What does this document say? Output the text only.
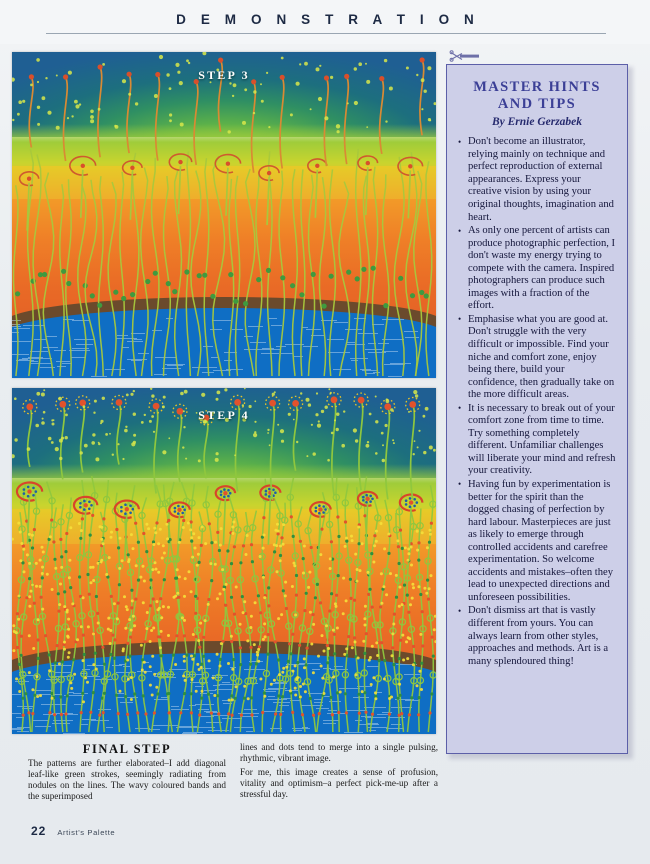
D E M O N S T R A T I O N
STEP 3
STEP 4
MASTER HINTS
AND TIPS
By Ernie Gerzabek
• Don't become an illustrator, relying mainly on technique and perfect reproduction of external appearances. Express your creative vision by using your original thoughts, imagination and heart.
• As only one percent of artists can produce photographic perfection, I don't waste my energy trying to compete with the camera. Inspired photographers can produce such images with a fraction of the effort.
• Emphasise what you are good at. Don't struggle with the very difficult or impossible. Find your niche and comfort zone, enjoy being there, build your confidence, then gradually take on the more difficult areas.
• It is necessary to break out of your comfort zone from time to time. Try something completely different. Unfamiliar challenges will liberate your mind and refresh your creativity.
• Having fun by experimentation is better for the spirit than the dogged chasing of perfection by hard labour. Masterpieces are just as likely to emerge through controlled accidents and carefree experimentation. So welcome accidents and mistakes–often they lead to unexpected directions and unforeseen possibilities.
• Don't dismiss art that is vastly different from yours. You can always learn from other styles, approaches and methods. Art is a many splendoured thing!
FINAL STEP

The patterns are further elaborated–I add diagonal leaf-like green strokes, seemingly radiating from nodules on the lines. The wavy coloured bands and the superimposed

lines and dots tend to merge into a single pulsing, rhythmic, vibrant image.

For me, this image creates a sense of profusion, vitality and optimism–a perfect pick-me-up after a stressful day.

22 Artist's Palette
